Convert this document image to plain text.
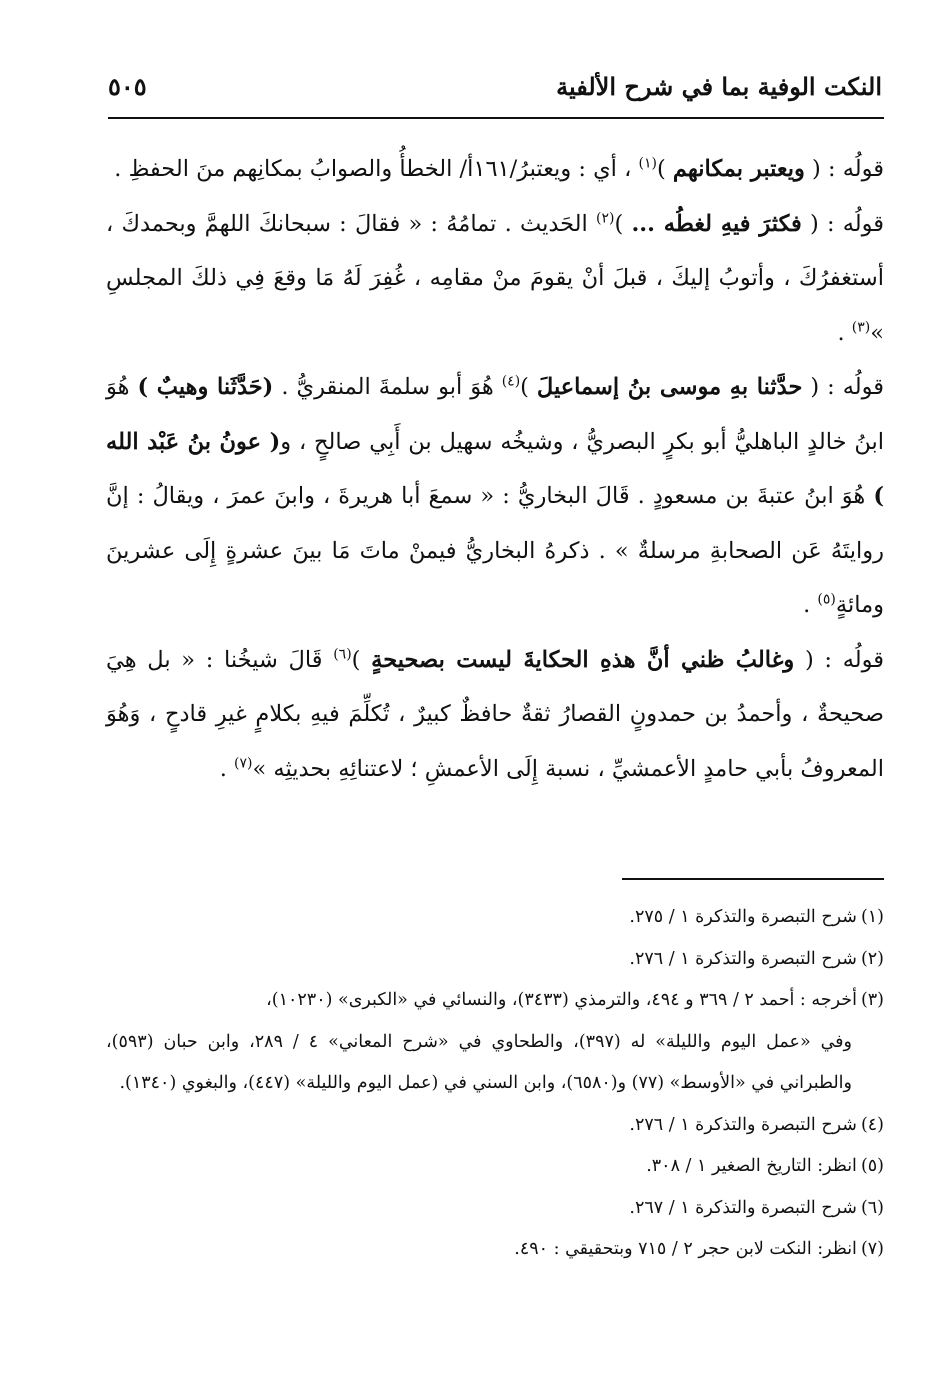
النكت الوفية بما في شرح الألفية
٥٠٥

قولُه : ( ويعتبر بمكانهم )$^{(١)}$ ، أي : ويعتبرُ/١٦١أ/ الخطأُ والصوابُ بمكانِهم منَ الحفظِ .

قولُه : ( فكثرَ فيهِ لغطُه ... )$^{(٢)}$ الحَديث . تمامُهُ : « فقالَ : سبحانكَ اللهمَّ وبحمدكَ ، أستغفرُكَ ، وأتوبُ إليكَ ، قبلَ أنْ يقومَ منْ مقامِه ، غُفِرَ لَهُ مَا وقعَ فِي ذلكَ المجلسِ »$^{(٣)}$ .

قولُه : ( حدَّثنا بهِ موسى بنُ إسماعيلَ )$^{(٤)}$ هُوَ أبو سلمةَ المنقريُّ . (حَدَّثَنا وهيبٌ ) هُوَ ابنُ خالدٍ الباهليُّ أبو بكرٍ البصريُّ ، وشيخُه سهيل بن أَبِي صالحٍ ، و( عونُ بنُ عَبْد الله ) هُوَ ابنُ عتبةَ بن مسعودٍ . قَالَ البخاريُّ : « سمعَ أبا هريرةَ ، وابنَ عمرَ ، ويقالُ : إنَّ روايتَهُ عَن الصحابةِ مرسلةٌ » . ذكرهُ البخاريُّ فيمنْ ماتَ مَا بينَ عشرةٍ إِلَى عشرينَ ومائةٍ$^{(٥)}$ .

قولُه : ( وغالبُ ظني أنَّ هذهِ الحكايةَ ليست بصحيحةٍ )$^{(٦)}$ قَالَ شيخُنا : « بل هِيَ صحيحةٌ ، وأحمدُ بن حمدونٍ القصارُ ثقةٌ حافظٌ كبيرٌ ، تُكلِّمَ فيهِ بكلامٍ غيرِ قادحٍ ، وَهُوَ المعروفُ بأبي حامدٍ الأعمشيِّ ، نسبة إِلَى الأعمشِ ؛ لاعتنائِهِ بحديثِه »$^{(٧)}$ .

(١)شرح التبصرة والتذكرة ١ / ٢٧٥.

(٢)شرح التبصرة والتذكرة ١ / ٢٧٦.

(٣)أخرجه : أحمد ٢ / ٣٦٩ و ٤٩٤، والترمذي (٣٤٣٣)، والنسائي في «الكبرى» (١٠٢٣٠)،

وفي «عمل اليوم والليلة» له (٣٩٧)، والطحاوي في «شرح المعاني» ٤ / ٢٨٩، وابن حبان (٥٩٣)، والطبراني في «الأوسط» (٧٧) و(٦٥٨٠)، وابن السني في (عمل اليوم والليلة» (٤٤٧)، والبغوي (١٣٤٠).

(٤)شرح التبصرة والتذكرة ١ / ٢٧٦.

(٥)انظر: التاريخ الصغير ١ / ٣٠٨.

(٦)شرح التبصرة والتذكرة ١ / ٢٦٧.

(٧)انظر: النكت لابن حجر ٢ / ٧١٥ وبتحقيقي : ٤٩٠.
